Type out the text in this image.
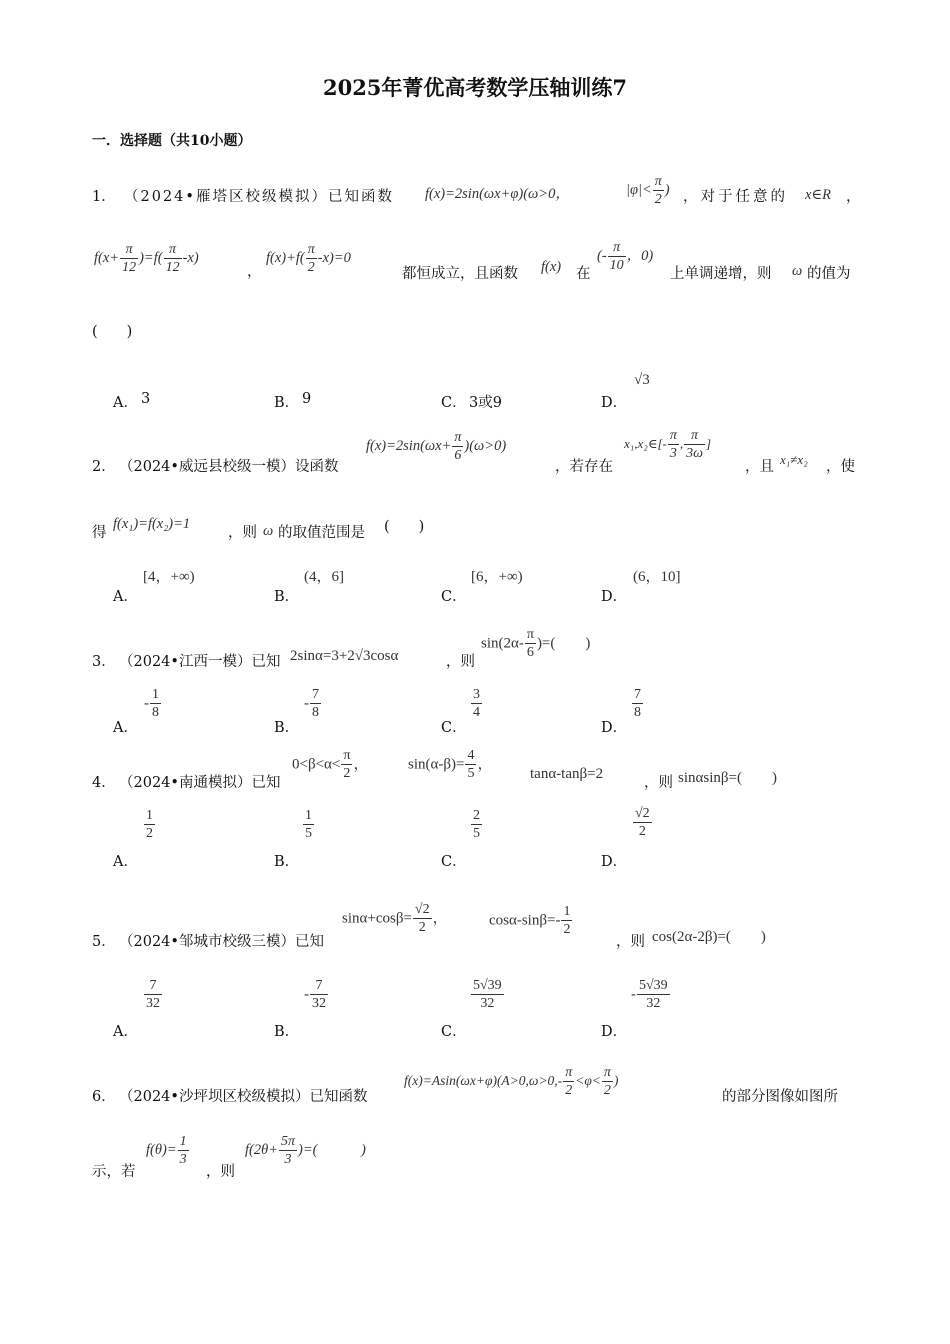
2025年菁优高考数学压轴训练7
一．选择题（共10小题）
1． （2024•雁塔区校级模拟）已知函数 f(x)=2sin(ωx+φ)(ω>0，	$|\varphi|< \frac{\pi}{2}$ ) ，对于任意的 x∈R ，
$f(x+ \frac{\pi}{12} )=f( \frac{\pi}{12} -x)$
，
$f(x)+f( \frac{\pi}{2} -x)=0$
都恒成立，且函数 f(x) 在
(- $\frac{\pi}{10}$ ，0)
上单调递增，则 ω 的值为
(　　)
A． 3	B． 9	C． 3或9	D．
√3
2． （2024•威远县校级一模）设函数
$f(x)=2\sin(\omega x+ \frac{\pi}{6} )(\omega>0)$
，若存在
x₁,x₂∈[- $\frac{\pi}{3}$ , $\frac{\pi}{3\omega}$ ]
，且 x₁≠x₂ ，使
得
f(x₁)=f(x₂)=1
，则 ω 的取值范围是 (　　)
A．
[4，+∞)
B．
(4，6]
C．
[6，+∞)
D．
(6，10]
3． （2024•江西一模）已知 2sinα=3+2√3cosα	，则
$\sin(2\alpha- \frac{\pi}{6}$ )=(　　)
A．
- $\frac{1}{8}$
B．
- $\frac{7}{8}$
C．
$\frac{3}{4}$
D．
$\frac{7}{8}$
4． （2024•南通模拟）已知
$0<\beta<\alpha< \frac{\pi}{2}$ ，	$\sin(\alpha-\beta)= \frac{4}{5}$ ，
tanα-tanβ=2
，则 sinαsinβ=(　　)
A．
$\frac{1}{2}$
B．
$\frac{1}{5}$
C．
$\frac{2}{5}$
D．
$\frac{√2}{2}$
5． （2024•邹城市校级三模）已知
$\sin\alpha+\cos\beta= \frac{√2}{2}$ ，	$\cos\alpha-\sin\beta=- \frac{1}{2}$
，则 cos(2α-2β)=(　　)
A．
$\frac{7}{32}$
B．
- $\frac{7}{32}$
C．
$\frac{5√39}{32}$
D．
- $\frac{5√39}{32}$
6． （2024•沙坪坝区校级模拟）已知函数
$f(x)=Asin(\omega x+\varphi)(A>0,\omega>0,- \frac{\pi}{2} <\varphi< \frac{\pi}{2}$ )
的部分图像如图所
示，若
$f(\theta)= \frac{1}{3}$
，则
$f(2\theta+ \frac{5\pi}{3}$ )=(　　　)
